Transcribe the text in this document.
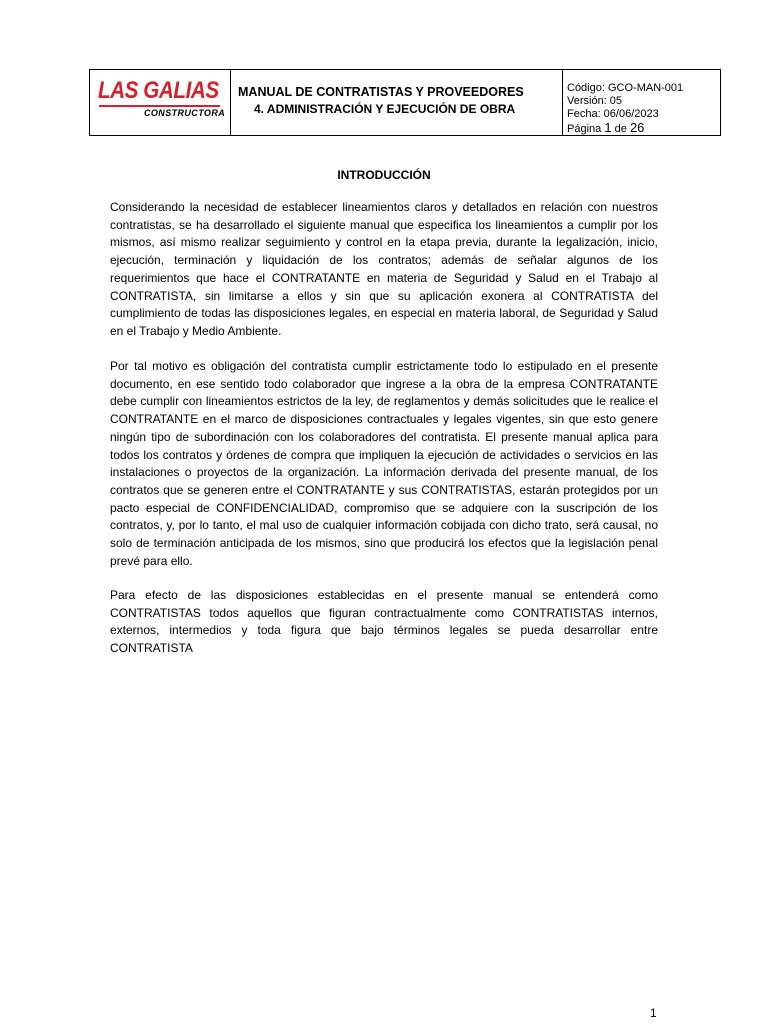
LAS GALIAS
CONSTRUCTORA
MANUAL DE CONTRATISTAS Y PROVEEDORES
4. ADMINISTRACIÓN Y EJECUCIÓN DE OBRA
Código: GCO-MAN-001
Versión: 05
Fecha: 06/06/2023
Página 1 de 26
INTRODUCCIÓN

Considerando la necesidad de establecer lineamientos claros y detallados en relación con nuestros contratistas, se ha desarrollado el siguiente manual que especifica los lineamientos a cumplir por los mismos, así mismo realizar seguimiento y control en la etapa previa, durante la legalización, inicio, ejecución, terminación y liquidación de los contratos; además de señalar algunos de los requerimientos que hace el CONTRATANTE en materia de Seguridad y Salud en el Trabajo al CONTRATISTA, sin limitarse a ellos y sin que su aplicación exonera al CONTRATISTA del cumplimiento de todas las disposiciones legales, en especial en materia laboral, de Seguridad y Salud en el Trabajo y Medio Ambiente.

Por tal motivo es obligación del contratista cumplir estrictamente todo lo estipulado en el presente documento, en ese sentido todo colaborador que ingrese a la obra de la empresa CONTRATANTE debe cumplir con lineamientos estrictos de la ley, de reglamentos y demás solicitudes que le realice el CONTRATANTE en el marco de disposiciones contractuales y legales vigentes, sin que esto genere ningún tipo de subordinación con los colaboradores del contratista. El presente manual aplica para todos los contratos y órdenes de compra que impliquen la ejecución de actividades o servicios en las instalaciones o proyectos de la organización. La información derivada del presente manual, de los contratos que se generen entre el CONTRATANTE y sus CONTRATISTAS, estarán protegidos por un pacto especial de CONFIDENCIALIDAD, compromiso que se adquiere con la suscripción de los contratos, y, por lo tanto, el mal uso de cualquier información cobijada con dicho trato, será causal, no solo de terminación anticipada de los mismos, sino que producirá los efectos que la legislación penal prevé para ello.

Para efecto de las disposiciones establecidas en el presente manual se entenderá como CONTRATISTAS todos aquellos que figuran contractualmente como CONTRATISTAS internos, externos, intermedios y toda figura que bajo términos legales se pueda desarrollar entre CONTRATISTA

1
